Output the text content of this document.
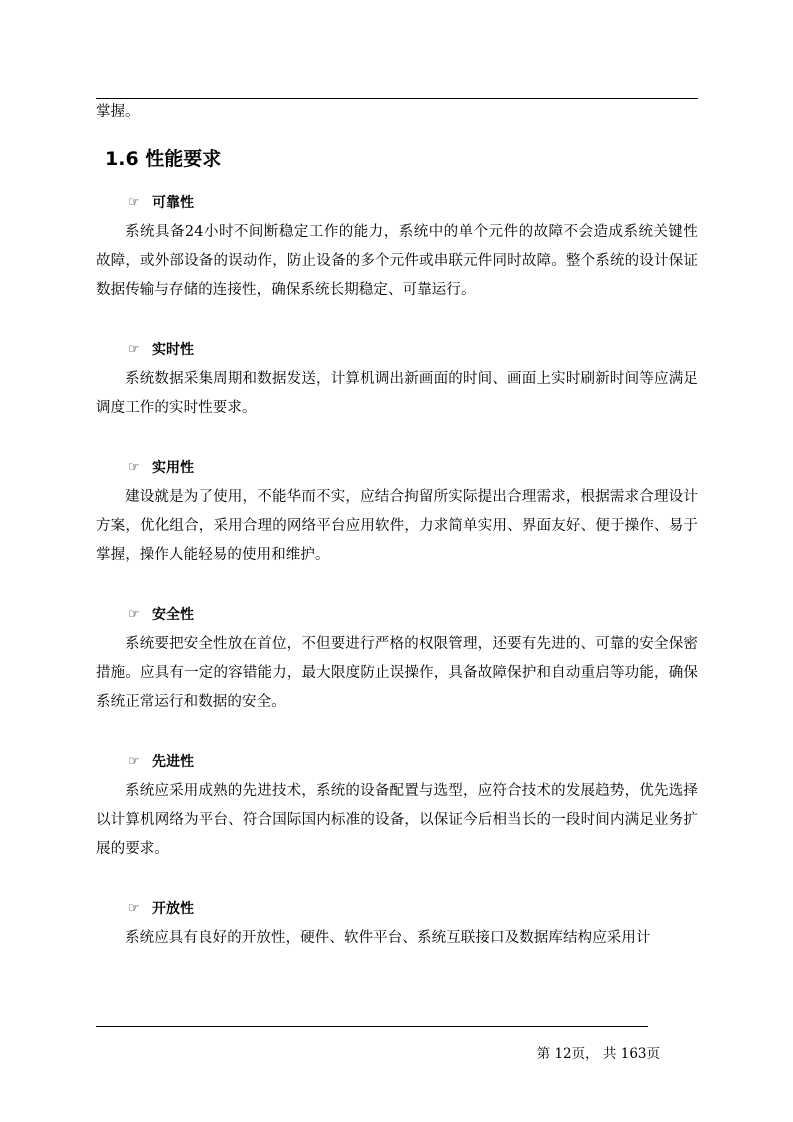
掌握。

1.6 性能要求
☞ 可靠性

系统具备24小时不间断稳定工作的能力，系统中的单个元件的故障不会造成系统关键性故障，或外部设备的误动作，防止设备的多个元件或串联元件同时故障。整个系统的设计保证数据传输与存储的连接性，确保系统长期稳定、可靠运行。

☞ 实时性

系统数据采集周期和数据发送，计算机调出新画面的时间、画面上实时刷新时间等应满足调度工作的实时性要求。

☞ 实用性

建设就是为了使用，不能华而不实，应结合拘留所实际提出合理需求，根据需求合理设计方案，优化组合，采用合理的网络平台应用软件，力求简单实用、界面友好、便于操作、易于掌握，操作人能轻易的使用和维护。

☞ 安全性

系统要把安全性放在首位，不但要进行严格的权限管理，还要有先进的、可靠的安全保密措施。应具有一定的容错能力，最大限度防止误操作，具备故障保护和自动重启等功能，确保系统正常运行和数据的安全。

☞ 先进性

系统应采用成熟的先进技术，系统的设备配置与选型，应符合技术的发展趋势，优先选择以计算机网络为平台、符合国际国内标准的设备，以保证今后相当长的一段时间内满足业务扩展的要求。

☞ 开放性

系统应具有良好的开放性，硬件、软件平台、系统互联接口及数据库结构应采用计

第 12页， 共 163页
